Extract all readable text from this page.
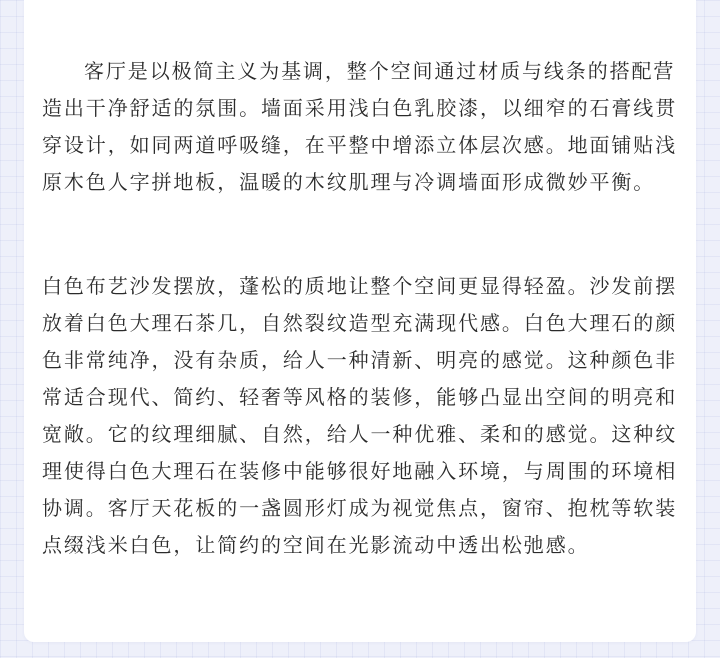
客厅是以极简主义为基调，整个空间通过材质与线条的搭配营造出干净舒适的氛围。墙面采用浅白色乳胶漆，以细窄的石膏线贯穿设计，如同两道呼吸缝，在平整中增添立体层次感。地面铺贴浅原木色人字拼地板，温暖的木纹肌理与冷调墙面形成微妙平衡。

白色布艺沙发摆放，蓬松的质地让整个空间更显得轻盈。沙发前摆放着白色大理石茶几，自然裂纹造型充满现代感。白色大理石的颜色非常纯净，没有杂质，给人一种清新、明亮的感觉。这种颜色非常适合现代、简约、轻奢等风格的装修，能够凸显出空间的明亮和宽敞。它的纹理细腻、自然，给人一种优雅、柔和的感觉。这种纹理使得白色大理石在装修中能够很好地融入环境，与周围的环境相协调。客厅天花板的一盏圆形灯成为视觉焦点，窗帘、抱枕等软装点缀浅米白色，让简约的空间在光影流动中透出松弛感。
